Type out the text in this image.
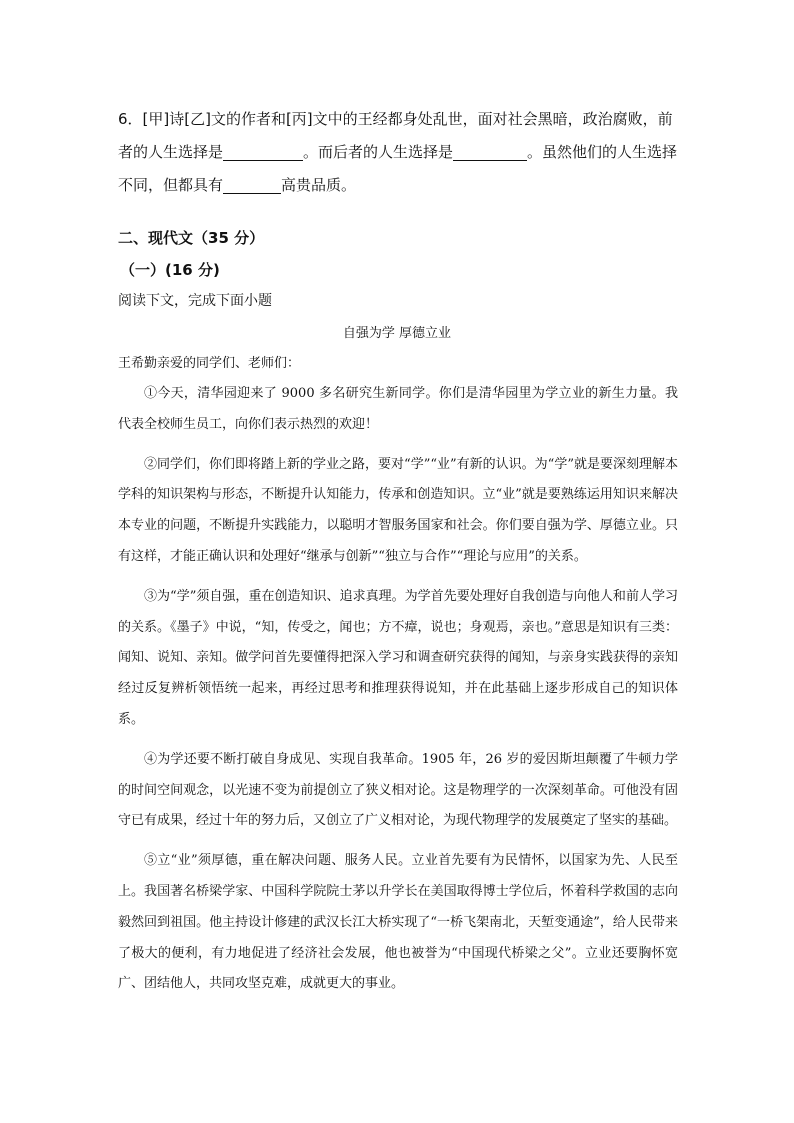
6．[甲]诗[乙]文的作者和[丙]文中的王经都身处乱世，面对社会黑暗，政治腐败，前者的人生选择是	。而后者的人生选择是	。虽然他们的人生选择不同，但都具有	高贵品质。

二、现代文（35 分）

（一）(16 分)

阅读下文，完成下面小题

自强为学 厚德立业

王希勤亲爱的同学们、老师们：

①今天，清华园迎来了 9000 多名研究生新同学。你们是清华园里为学立业的新生力量。我代表全校师生员工，向你们表示热烈的欢迎！

②同学们，你们即将踏上新的学业之路，要对“学”“业”有新的认识。为“学”就是要深刻理解本学科的知识架构与形态，不断提升认知能力，传承和创造知识。立“业”就是要熟练运用知识来解决本专业的问题，不断提升实践能力，以聪明才智服务国家和社会。你们要自强为学、厚德立业。只有这样，才能正确认识和处理好“继承与创新”“独立与合作”“理论与应用”的关系。

③为“学”须自强，重在创造知识、追求真理。为学首先要处理好自我创造与向他人和前人学习的关系。《墨子》中说，“知，传受之，闻也；方不瘴，说也；身观焉，亲也。”意思是知识有三类：闻知、说知、亲知。做学问首先要懂得把深入学习和调查研究获得的闻知，与亲身实践获得的亲知经过反复辨析领悟统一起来，再经过思考和推理获得说知，并在此基础上逐步形成自己的知识体系。

④为学还要不断打破自身成见、实现自我革命。1905 年，26 岁的爱因斯坦颠覆了牛顿力学的时间空间观念，以光速不变为前提创立了狭义相对论。这是物理学的一次深刻革命。可他没有固守已有成果，经过十年的努力后，又创立了广义相对论，为现代物理学的发展奠定了坚实的基础。

⑤立“业”须厚德，重在解决问题、服务人民。立业首先要有为民情怀，以国家为先、人民至上。我国著名桥梁学家、中国科学院院士茅以升学长在美国取得博士学位后，怀着科学救国的志向毅然回到祖国。他主持设计修建的武汉长江大桥实现了“一桥飞架南北，天堑变通途”，给人民带来了极大的便利，有力地促进了经济社会发展，他也被誉为“中国现代桥梁之父”。立业还要胸怀宽广、团结他人，共同攻坚克难，成就更大的事业。
